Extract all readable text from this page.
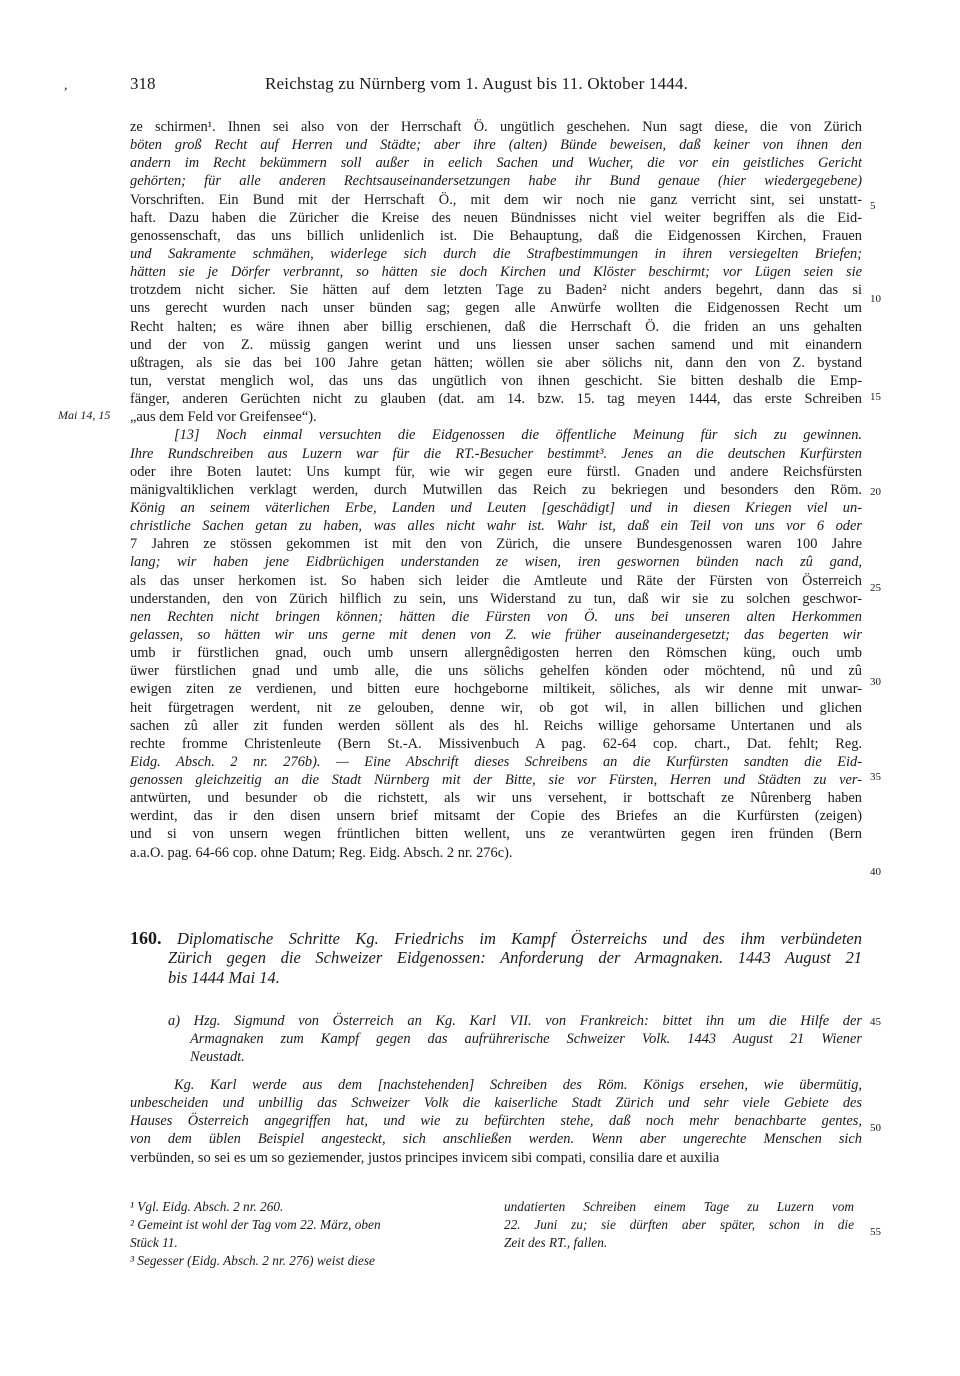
,	318	Reichstag zu Nürnberg vom 1. August bis 11. Oktober 1444.
ze schirmen¹. Ihnen sei also von der Herrschaft Ö. ungütlich geschehen. Nun sagt diese, die von Zürich
böten groß Recht auf Herren und Städte; aber ihre (alten) Bünde beweisen, daß keiner von ihnen den
andern im Recht bekümmern soll außer in eelich Sachen und Wucher, die vor ein geistliches Gericht
gehörten; für alle anderen Rechtsauseinandersetzungen habe ihr Bund genaue (hier wiedergegebene)
Vorschriften. Ein Bund mit der Herrschaft Ö., mit dem wir noch nie ganz verricht sint, sei unstatt-
haft. Dazu haben die Züricher die Kreise des neuen Bündnisses nicht viel weiter begriffen als die Eid-
genossenschaft, das uns billich unlidenlich ist. Die Behauptung, daß die Eidgenossen Kirchen, Frauen
und Sakramente schmähen, widerlege sich durch die Strafbestimmungen in ihren versiegelten Briefen;
hätten sie je Dörfer verbrannt, so hätten sie doch Kirchen und Klöster beschirmt; vor Lügen seien sie
trotzdem nicht sicher. Sie hätten auf dem letzten Tage zu Baden² nicht anders begehrt, dann das si
uns gerecht wurden nach unser bünden sag; gegen alle Anwürfe wollten die Eidgenossen Recht um
Recht halten; es wäre ihnen aber billig erschienen, daß die Herrschaft Ö. die friden an uns gehalten
und der von Z. müssig gangen werint und uns liessen unser sachen samend und mit einandern
ußtragen, als sie das bei 100 Jahre getan hätten; wöllen sie aber sölichs nit, dann den von Z. bystand
tun, verstat menglich wol, das uns das ungütlich von ihnen geschicht. Sie bitten deshalb die Emp-
fänger, anderen Gerüchten nicht zu glauben (dat. am 14. bzw. 15. tag meyen 1444, das erste Schreiben
„aus dem Feld vor Greifensee“).
[13] Noch einmal versuchten die Eidgenossen die öffentliche Meinung für sich zu gewinnen.
Ihre Rundschreiben aus Luzern war für die RT.-Besucher bestimmt³. Jenes an die deutschen Kurfürsten
oder ihre Boten lautet: Uns kumpt für, wie wir gegen eure fürstl. Gnaden und andere Reichsfürsten
mänigvaltiklichen verklagt werden, durch Mutwillen das Reich zu bekriegen und besonders den Röm.
König an seinem väterlichen Erbe, Landen und Leuten [geschädigt] und in diesen Kriegen viel un-
christliche Sachen getan zu haben, was alles nicht wahr ist. Wahr ist, daß ein Teil von uns vor 6 oder
7 Jahren ze stössen gekommen ist mit den von Zürich, die unsere Bundesgenossen waren 100 Jahre
lang; wir haben jene Eidbrüchigen understanden ze wisen, iren geswornen bünden nach zû gand,
als das unser herkomen ist. So haben sich leider die Amtleute und Räte der Fürsten von Österreich
understanden, den von Zürich hilflich zu sein, uns Widerstand zu tun, daß wir sie zu solchen geschwor-
nen Rechten nicht bringen können; hätten die Fürsten von Ö. uns bei unseren alten Herkommen
gelassen, so hätten wir uns gerne mit denen von Z. wie früher auseinandergesetzt; das begerten wir
umb ir fürstlichen gnad, ouch umb unsern allergnêdigosten herren den Römschen küng, ouch umb
üwer fürstlichen gnad und umb alle, die uns sölichs gehelfen könden oder möchtend, nû und zû
ewigen ziten ze verdienen, und bitten eure hochgeborne miltikeit, söliches, als wir denne mit unwar-
heit fürgetragen werdent, nit ze gelouben, denne wir, ob got wil, in allen billichen und glichen
sachen zû aller zit funden werden söllent als des hl. Reichs willige gehorsame Untertanen und als
rechte fromme Christenleute (Bern St.-A. Missivenbuch A pag. 62-64 cop. chart., Dat. fehlt; Reg.
Eidg. Absch. 2 nr. 276b). — Eine Abschrift dieses Schreibens an die Kurfürsten sandten die Eid-
genossen gleichzeitig an die Stadt Nürnberg mit der Bitte, sie vor Fürsten, Herren und Städten zu ver-
antwürten, und besunder ob die richstett, als wir uns versehent, ir bottschaft ze Nûrenberg haben
werdint, das ir den disen unsern brief mitsamt der Copie des Briefes an die Kurfürsten (zeigen)
und si von unsern wegen früntlichen bitten wellent, uns ze verantwürten gegen iren fründen (Bern
a.a.O. pag. 64-66 cop. ohne Datum; Reg. Eidg. Absch. 2 nr. 276c).
Mai 14, 15
5
10
15
20
25
30
35
40
45
50
55
160. Diplomatische Schritte Kg. Friedrichs im Kampf Österreichs und des ihm verbündeten
Zürich gegen die Schweizer Eidgenossen: Anforderung der Armagnaken. 1443 August 21
bis 1444 Mai 14.
a) Hzg. Sigmund von Österreich an Kg. Karl VII. von Frankreich: bittet ihn um die Hilfe der
Armagnaken zum Kampf gegen das aufrührerische Schweizer Volk. 1443 August 21 Wiener
Neustadt.
Kg. Karl werde aus dem [nachstehenden] Schreiben des Röm. Königs ersehen, wie übermütig,
unbescheiden und unbillig das Schweizer Volk die kaiserliche Stadt Zürich und sehr viele Gebiete des
Hauses Österreich angegriffen hat, und wie zu befürchten stehe, daß noch mehr benachbarte gentes,
von dem üblen Beispiel angesteckt, sich anschließen werden. Wenn aber ungerechte Menschen sich
verbünden, so sei es um so geziemender, justos principes invicem sibi compati, consilia dare et auxilia
¹ Vgl. Eidg. Absch. 2 nr. 260.
² Gemeint ist wohl der Tag vom 22. März, oben
Stück 11.
³ Segesser (Eidg. Absch. 2 nr. 276) weist diese
undatierten Schreiben einem Tage zu Luzern vom
22. Juni zu; sie dürften aber später, schon in die
Zeit des RT., fallen.
